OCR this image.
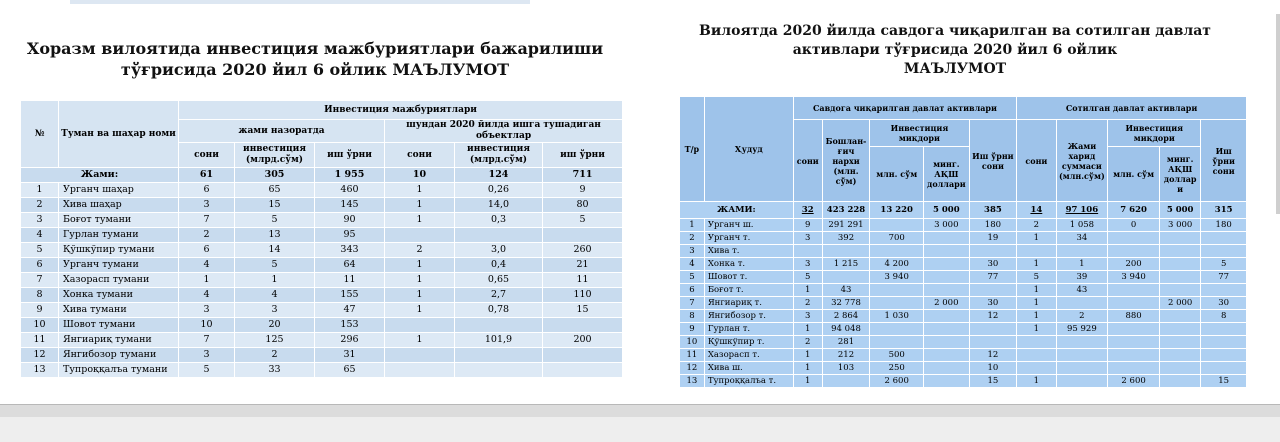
Хоразм вилоятида инвестиция мажбуриятлари бажарилиши
тўғрисида 2020 йил 6 ойлик МАЪЛУМОТ
Вилоятда 2020 йилда савдога чиқарилган ва сотилган давлат
активлари тўғрисида 2020 йил 6 ойлик
МАЪЛУМОТ
№	Туман ва шаҳар номи	Инвестиция мажбуриятлари					
		жами назоратда			шундан 2020 йилда ишга тушадиган объектлар		
		сони	инвестиция (млрд.сўм)	иш ўрни	сони	инвестиция (млрд.сўм)	иш ўрни
Жами:		61	305	1 955	10	124	711
1	Урганч шаҳар	6	65	460	1	0,26	9
2	Хива шаҳар	3	15	145	1	14,0	80
3	Боғот тумани	7	5	90	1	0,3	5
4	Гурлан тумани	2	13	95			
5	Қўшкўпир тумани	6	14	343	2	3,0	260
6	Урганч тумани	4	5	64	1	0,4	21
7	Хазорасп тумани	1	1	11	1	0,65	11
8	Хонка тумани	4	4	155	1	2,7	110
9	Хива тумани	3	3	47	1	0,78	15
10	Шовот тумани	10	20	153			
11	Янгиариқ тумани	7	125	296	1	101,9	200
12	Янгибозор тумани	3	2	31			
13	Тупроққалъа тумани	5	33	65			
Т/р	Ҳудуд	Савдога чиқарилган давлат активлари					Сотилган давлат активлари				
		сони	Бошлан-ғич нархи (млн. сўм)	Инвестиция миқдори		Иш ўрни сони	сони	Жами харид суммаси (млн.сўм)	Инвестиция миқдори		Иш ўрни сони
				млн. сўм	минг. АҚШ доллари				млн. сўм	минг. АҚШ доллар и	
ЖАМИ:		32	423 228	13 220	5 000	385	14	97 106	7 620	5 000	315
1	Урганч ш.	9	291 291		3 000	180	2	1 058	0	3 000	180
2	Урганч т.	3	392	700		19	1	34			
3	Хива т.										
4	Хонка т.	3	1 215	4 200		30	1	1	200		5
5	Шовот т.	5		3 940		77	5	39	3 940		77
6	Боғот т.	1	43				1	43			
7	Янгиариқ т.	2	32 778		2 000	30	1			2 000	30
8	Янгибозор т.	3	2 864	1 030		12	1	2	880		8
9	Гурлан т.	1	94 048				1	95 929			
10	Қўшкўпир т.	2	281								
11	Хазорасп т.	1	212	500		12					
12	Хива ш.	1	103	250		10					
13	Тупроққалъа т.	1		2 600		15	1		2 600		15
